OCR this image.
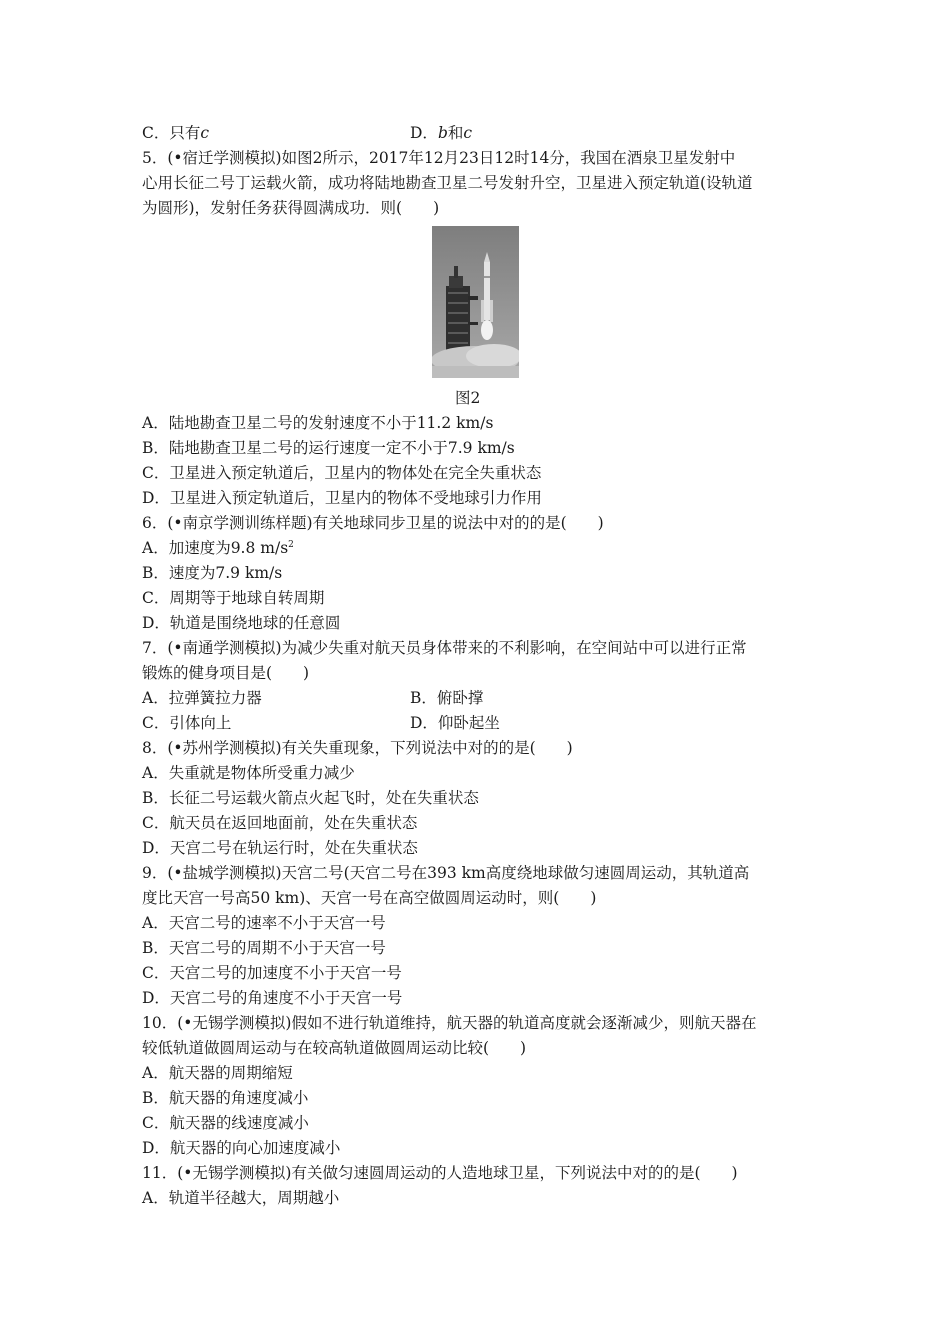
C．只有c	D．b和c
5．(•宿迁学测模拟)如图2所示，2017年12月23日12时14分，我国在酒泉卫星发射中
心用长征二号丁运载火箭，成功将陆地勘查卫星二号发射升空，卫星进入预定轨道(设轨道
为圆形)，发射任务获得圆满成功．则(　　)
图2
A．陆地勘查卫星二号的发射速度不小于11.2 km/s
B．陆地勘查卫星二号的运行速度一定不小于7.9 km/s
C．卫星进入预定轨道后，卫星内的物体处在完全失重状态
D．卫星进入预定轨道后，卫星内的物体不受地球引力作用
6．(•南京学测训练样题)有关地球同步卫星的说法中对的的是(　　)
A．加速度为9.8 $m/s^2$
B．速度为7.9 km/s
C．周期等于地球自转周期
D．轨道是围绕地球的任意圆
7．(•南通学测模拟)为减少失重对航天员身体带来的不利影响，在空间站中可以进行正常
锻炼的健身项目是(　　)
A．拉弹簧拉力器	B．俯卧撑
C．引体向上	D．仰卧起坐
8．(•苏州学测模拟)有关失重现象，下列说法中对的的是(　　)
A．失重就是物体所受重力减少
B．长征二号运载火箭点火起飞时，处在失重状态
C．航天员在返回地面前，处在失重状态
D．天宫二号在轨运行时，处在失重状态
9．(•盐城学测模拟)天宫二号(天宫二号在393 km高度绕地球做匀速圆周运动，其轨道高
度比天宫一号高50 km)、天宫一号在高空做圆周运动时，则(　　)
A．天宫二号的速率不小于天宫一号
B．天宫二号的周期不小于天宫一号
C．天宫二号的加速度不小于天宫一号
D．天宫二号的角速度不小于天宫一号
10．(•无锡学测模拟)假如不进行轨道维持，航天器的轨道高度就会逐渐减少，则航天器在
较低轨道做圆周运动与在较高轨道做圆周运动比较(　　)
A．航天器的周期缩短
B．航天器的角速度减小
C．航天器的线速度减小
D．航天器的向心加速度减小
11．(•无锡学测模拟)有关做匀速圆周运动的人造地球卫星，下列说法中对的的是(　　)
A．轨道半径越大，周期越小
